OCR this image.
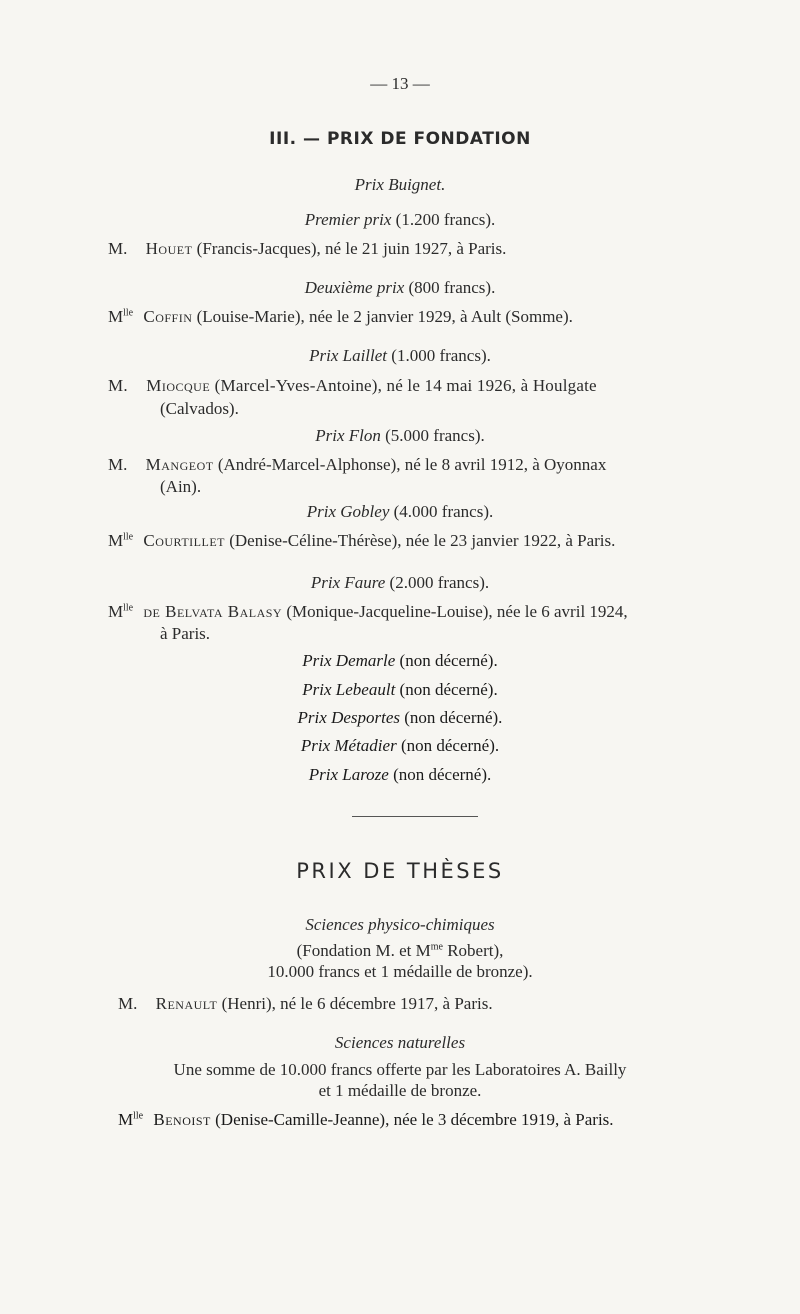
— 13 —
III. — PRIX DE FONDATION
Prix Buignet.
Premier prix (1.200 francs).
M. Houet (Francis-Jacques), né le 21 juin 1927, à Paris.
Deuxième prix (800 francs).
$M^{lle}$ Coffin (Louise-Marie), née le 2 janvier 1929, à Ault (Somme).
Prix Laillet (1.000 francs).
M. Miocque (Marcel-Yves-Antoine), né le 14 mai 1926, à Houlgate
(Calvados).
Prix Flon (5.000 francs).
M. Mangeot (André-Marcel-Alphonse), né le 8 avril 1912, à Oyonnax
(Ain).
Prix Gobley (4.000 francs).
$M^{lle}$ Courtillet (Denise-Céline-Thérèse), née le 23 janvier 1922, à Paris.
Prix Faure (2.000 francs).
$M^{lle}$ de Belvata Balasy (Monique-Jacqueline-Louise), née le 6 avril 1924,
à Paris.
Prix Demarle (non décerné).
Prix Lebeault (non décerné).
Prix Desportes (non décerné).
Prix Métadier (non décerné).
Prix Laroze (non décerné).
PRIX DE THÈSES
Sciences physico-chimiques
(Fondation M. et $M^{me}$ Robert),
10.000 francs et 1 médaille de bronze).
M. Renault (Henri), né le 6 décembre 1917, à Paris.
Sciences naturelles
Une somme de 10.000 francs offerte par les Laboratoires A. Bailly
et 1 médaille de bronze.
$M^{lle}$ Benoist (Denise-Camille-Jeanne), née le 3 décembre 1919, à Paris.
